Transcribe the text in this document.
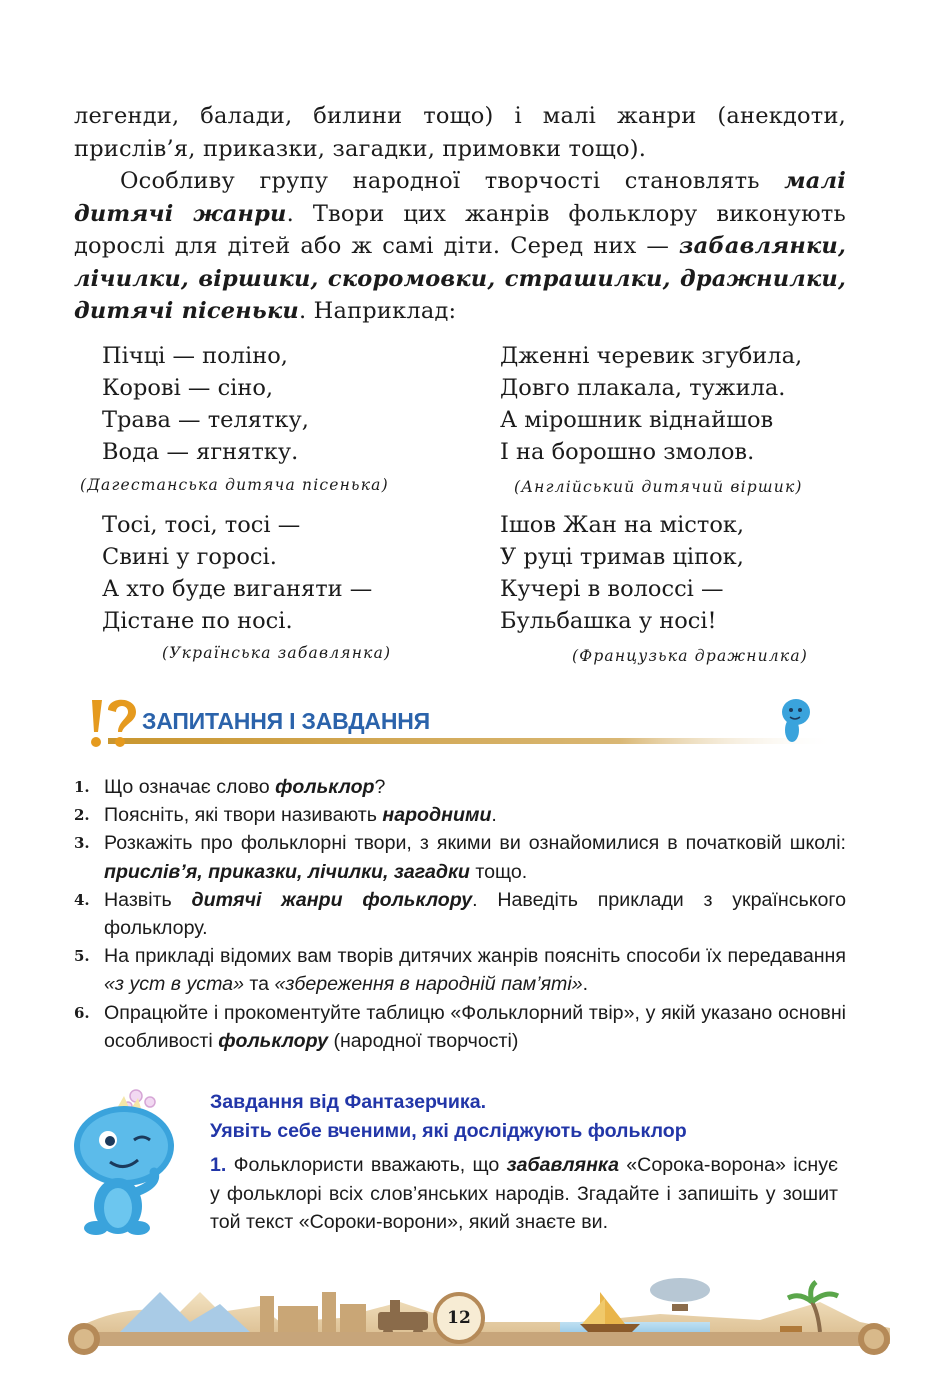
легенди, балади, билини тощо) і малі жанри (анекдоти, прислів’я, приказки, загадки, примовки тощо).

Особливу групу народної творчості становлять малі дитячі жанри. Твори цих жанрів фольклору виконують дорослі для дітей або ж самі діти. Серед них — забавлянки, лічилки, віршики, скоромовки, страшилки, дражнилки, дитячі пісеньки. Наприклад:

Пічці — поліно,
Корові — сіно,
Трава — телятку,
Вода — ягнятку.
(Дагестанська дитяча пісенька)
Дженні черевик згубила,
Довго плакала, тужила.
А мірошник віднайшов
І на борошно змолов.
(Англійський дитячий віршик)
Тосі, тосі, тосі —
Свині у горосі.
А хто буде виганяти —
Дістане по носі.
(Українська забавлянка)
Ішов Жан на місток,
У руці тримав ціпок,
Кучері в волоссі —
Бульбашка у носі!
(Французька дражнилка)
ЗАПИТАННЯ І ЗАВДАННЯ
1. Що означає слово фольклор?
2. Поясніть, які твори називають народними.
3. Розкажіть про фольклорні твори, з якими ви ознайомилися в початковій школі: прислів’я, приказки, лічилки, загадки тощо.
4. Назвіть дитячі жанри фольклору. Наведіть приклади з українського фольклору.
5. На прикладі відомих вам творів дитячих жанрів поясніть способи їх передавання «з уст в уста» та «збереження в народній пам’яті».
6. Опрацюйте і прокоментуйте таблицю «Фольклорний твір», у якій указано основні особливості фольклору (народної творчості)
Завдання від Фантазерчика.
Уявіть себе вченими, які досліджують фольклор
1. Фольклористи вважають, що забавлянка «Сорока-ворона» існує у фольклорі всіх слов’янських народів. Згадайте і запишіть у зошит той текст «Сороки-ворони», який знаєте ви.
12
